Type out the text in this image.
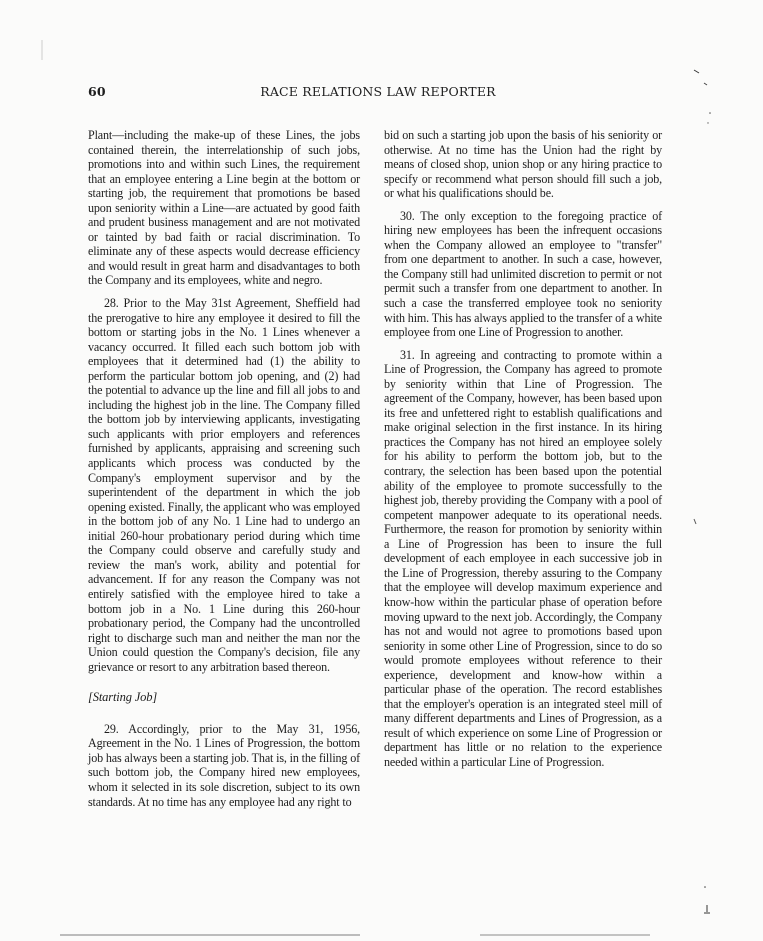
60	RACE RELATIONS LAW REPORTER

Plant—including the make-up of these Lines, the jobs contained therein, the interrelationship of such jobs, promotions into and within such Lines, the requirement that an employee entering a Line begin at the bottom or starting job, the requirement that promotions be based upon seniority within a Line—are actuated by good faith and prudent business management and are not motivated or tainted by bad faith or racial discrimination. To eliminate any of these aspects would decrease efficiency and would result in great harm and disadvantages to both the Company and its employees, white and negro.

28. Prior to the May 31st Agreement, Sheffield had the prerogative to hire any employee it desired to fill the bottom or starting jobs in the No. 1 Lines whenever a vacancy occurred. It filled each such bottom job with employees that it determined had (1) the ability to perform the particular bottom job opening, and (2) had the potential to advance up the line and fill all jobs to and including the highest job in the line. The Company filled the bottom job by interviewing applicants, investigating such applicants with prior employers and references furnished by applicants, appraising and screening such applicants which process was conducted by the Company's employment supervisor and by the superintendent of the department in which the job opening existed. Finally, the applicant who was employed in the bottom job of any No. 1 Line had to undergo an initial 260-hour probationary period during which time the Company could observe and carefully study and review the man's work, ability and potential for advancement. If for any reason the Company was not entirely satisfied with the employee hired to take a bottom job in a No. 1 Line during this 260-hour probationary period, the Company had the uncontrolled right to discharge such man and neither the man nor the Union could question the Company's decision, file any grievance or resort to any arbitration based thereon.

[Starting Job]

29. Accordingly, prior to the May 31, 1956, Agreement in the No. 1 Lines of Progression, the bottom job has always been a starting job. That is, in the filling of such bottom job, the Company hired new employees, whom it selected in its sole discretion, subject to its own standards. At no time has any employee had any right to

bid on such a starting job upon the basis of his seniority or otherwise. At no time has the Union had the right by means of closed shop, union shop or any hiring practice to specify or recommend what person should fill such a job, or what his qualifications should be.

30. The only exception to the foregoing practice of hiring new employees has been the infrequent occasions when the Company allowed an employee to "transfer" from one department to another. In such a case, however, the Company still had unlimited discretion to permit or not permit such a transfer from one department to another. In such a case the transferred employee took no seniority with him. This has always applied to the transfer of a white employee from one Line of Progression to another.

31. In agreeing and contracting to promote within a Line of Progression, the Company has agreed to promote by seniority within that Line of Progression. The agreement of the Company, however, has been based upon its free and unfettered right to establish qualifications and make original selection in the first instance. In its hiring practices the Company has not hired an employee solely for his ability to perform the bottom job, but to the contrary, the selection has been based upon the potential ability of the employee to promote successfully to the highest job, thereby providing the Company with a pool of competent manpower adequate to its operational needs. Furthermore, the reason for promotion by seniority within a Line of Progression has been to insure the full development of each employee in each successive job in the Line of Progression, thereby assuring to the Company that the employee will develop maximum experience and know-how within the particular phase of operation before moving upward to the next job. Accordingly, the Company has not and would not agree to promotions based upon seniority in some other Line of Progression, since to do so would promote employees without reference to their experience, development and know-how within a particular phase of the operation. The record establishes that the employer's operation is an integrated steel mill of many different departments and Lines of Progression, as a result of which experience on some Line of Progression or department has little or no relation to the experience needed within a particular Line of Progression.
